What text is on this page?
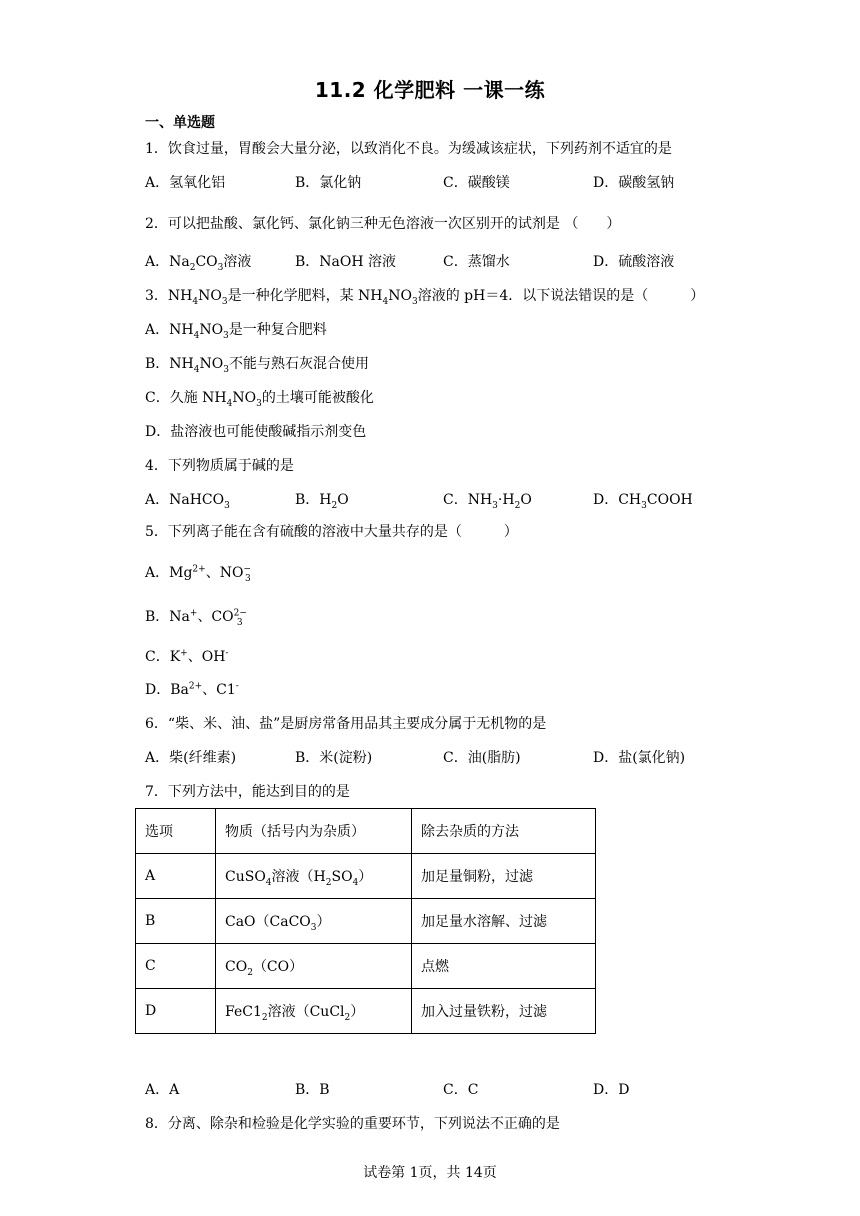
11.2 化学肥料 一课一练
一、单选题
1．饮食过量，胃酸会大量分泌，以致消化不良。为缓减该症状，下列药剂不适宜的是
A．氢氧化铝	B．氯化钠	C．碳酸镁	D．碳酸氢钠
2．可以把盐酸、氯化钙、氯化钠三种无色溶液一次区别开的试剂是 （　　）
A．$Na_2CO_3$溶液	B．NaOH 溶液	C．蒸馏水	D．硫酸溶液
3．$NH_4NO_3$是一种化学肥料，某 $NH_4NO_3$溶液的 pH＝4．以下说法错误的是（　　　）
A．$NH_4NO_3$是一种复合肥料
B．$NH_4NO_3$不能与熟石灰混合使用
C．久施 $NH_4NO_3$的土壤可能被酸化
D．盐溶液也可能使酸碱指示剂变色
4．下列物质属于碱的是
A．NaHCO$_3$	B．$H_2O$	C．$NH_3\cdot H_2O$	D．$CH_3COOH$
5．下列离子能在含有硫酸的溶液中大量共存的是（　　　）
A．$Mg^{2+}$、$NO^-_3$
B．Na+、$CO^{2-}_3$
C．K+、OH-
D．$Ba^{2+}$、C1-
6．“柴、米、油、盐”是厨房常备用品其主要成分属于无机物的是
A．柴(纤维素)	B．米(淀粉)	C．油(脂肪)	D．盐(氯化钠)
7．下列方法中，能达到目的的是
选项	物质（括号内为杂质）	除去杂质的方法
A	CuSO$_4$溶液$(H_2SO_4)$	加足量铜粉，过滤
B	CaO（CaCO$_3$）	加足量水溶解、过滤
C	$CO_2(CO)$	点燃
D	$FeC1_2$溶液（CuCl$_2$）	加入过量铁粉，过滤
A．A	B．B	C．C	D．D
8．分离、除杂和检验是化学实验的重要环节，下列说法不正确的是
试卷第 1页，共 14页
